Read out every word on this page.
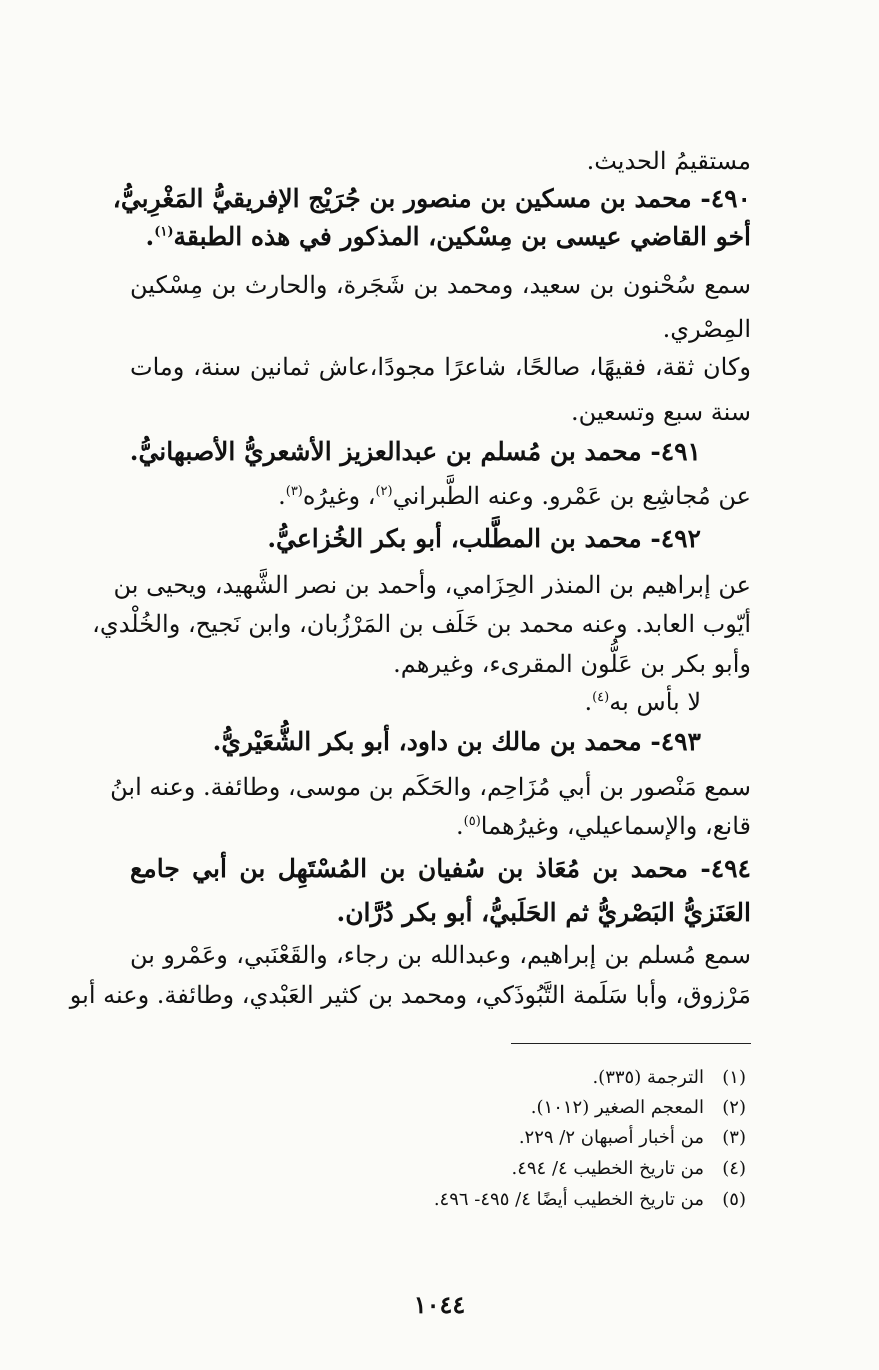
مستقيمُ الحديث.
٤٩٠- محمد بن مسكين بن منصور بن جُرَيْج الإفريقيُّ المَغْرِبيُّ،
أخو القاضي عيسى بن مِسْكين، المذكور في هذه الطبقة$^{(١)}$.
سمع سُحْنون بن سعيد، ومحمد بن شَجَرة، والحارث بن مِسْكين
المِصْري.
وكان ثقة، فقيهًا، صالحًا، شاعرًا مجودًا،عاش ثمانين سنة، ومات
سنة سبع وتسعين.
٤٩١- محمد بن مُسلم بن عبدالعزيز الأشعريُّ الأصبهانيُّ.
عن مُجاشِع بن عَمْرو. وعنه الطَّبراني$^{(٢)}$، وغيرُه$^{(٣)}$.
٤٩٢- محمد بن المطَّلب، أبو بكر الخُزاعيُّ.
عن إبراهيم بن المنذر الحِزَامي، وأحمد بن نصر الشَّهيد، ويحيى بن
أيّوب العابد. وعنه محمد بن خَلَف بن المَرْزُبان، وابن نَجيح، والخُلْدي،
وأبو بكر بن عَلُّون المقرىء، وغيرهم.
لا بأس به$^{(٤)}$.
٤٩٣- محمد بن مالك بن داود، أبو بكر الشُّعَيْريُّ.
سمع مَنْصور بن أبي مُزَاحِم، والحَكَم بن موسى، وطائفة. وعنه ابنُ
قانع، والإسماعيلي، وغيرُهما$^{(٥)}$.
٤٩٤- محمد بن مُعَاذ بن سُفيان بن المُسْتَهِل بن أبي جامع
العَنَزيُّ البَصْريُّ ثم الحَلَبيُّ، أبو بكر دُرَّان.
سمع مُسلم بن إبراهيم، وعبدالله بن رجاء، والقَعْنَبي، وعَمْرو بن
مَرْزوق، وأبا سَلَمة التَّبُوذَكي، ومحمد بن كثير العَبْدي، وطائفة. وعنه أبو
(١)الترجمة (٣٣٥).
(٢)المعجم الصغير (١٠١٢).
(٣)من أخبار أصبهان ٢/ ٢٢٩.
(٤)من تاريخ الخطيب ٤/ ٤٩٤.
(٥)من تاريخ الخطيب أيضًا ٤/ ٤٩٥- ٤٩٦.
١٠٤٤
